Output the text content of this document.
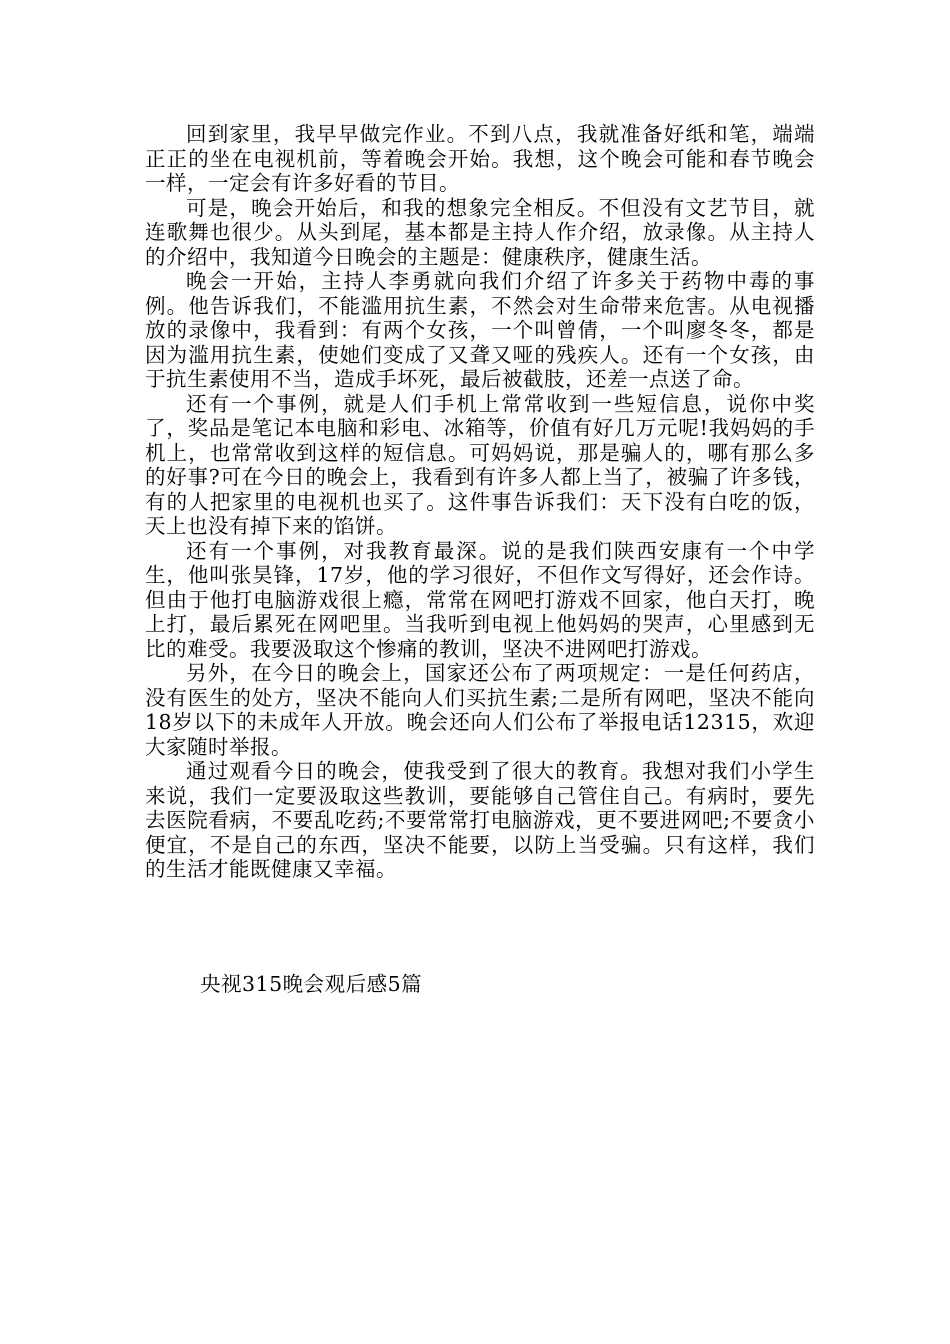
回到家里，我早早做完作业。不到八点，我就准备好纸和笔，端端正正的坐在电视机前，等着晚会开始。我想，这个晚会可能和春节晚会一样，一定会有许多好看的节目。

可是，晚会开始后，和我的想象完全相反。不但没有文艺节目，就连歌舞也很少。从头到尾，基本都是主持人作介绍，放录像。从主持人的介绍中，我知道今日晚会的主题是：健康秩序，健康生活。

晚会一开始，主持人李勇就向我们介绍了许多关于药物中毒的事例。他告诉我们，不能滥用抗生素，不然会对生命带来危害。从电视播放的录像中，我看到：有两个女孩，一个叫曾倩，一个叫廖冬冬，都是因为滥用抗生素，使她们变成了又聋又哑的残疾人。还有一个女孩，由于抗生素使用不当，造成手坏死，最后被截肢，还差一点送了命。

还有一个事例，就是人们手机上常常收到一些短信息，说你中奖了，奖品是笔记本电脑和彩电、冰箱等，价值有好几万元呢!我妈妈的手机上，也常常收到这样的短信息。可妈妈说，那是骗人的，哪有那么多的好事?可在今日的晚会上，我看到有许多人都上当了，被骗了许多钱，有的人把家里的电视机也买了。这件事告诉我们：天下没有白吃的饭，天上也没有掉下来的馅饼。

还有一个事例，对我教育最深。说的是我们陕西安康有一个中学生，他叫张昊锋，17岁，他的学习很好，不但作文写得好，还会作诗。但由于他打电脑游戏很上瘾，常常在网吧打游戏不回家，他白天打，晚上打，最后累死在网吧里。当我听到电视上他妈妈的哭声，心里感到无比的难受。我要汲取这个惨痛的教训，坚决不进网吧打游戏。

另外，在今日的晚会上，国家还公布了两项规定：一是任何药店，没有医生的处方，坚决不能向人们买抗生素;二是所有网吧，坚决不能向18岁以下的未成年人开放。晚会还向人们公布了举报电话12315，欢迎大家随时举报。

通过观看今日的晚会，使我受到了很大的教育。我想对我们小学生来说，我们一定要汲取这些教训，要能够自己管住自己。有病时，要先去医院看病，不要乱吃药;不要常常打电脑游戏，更不要进网吧;不要贪小便宜，不是自己的东西，坚决不能要，以防上当受骗。只有这样，我们的生活才能既健康又幸福。

央视315晚会观后感5篇
